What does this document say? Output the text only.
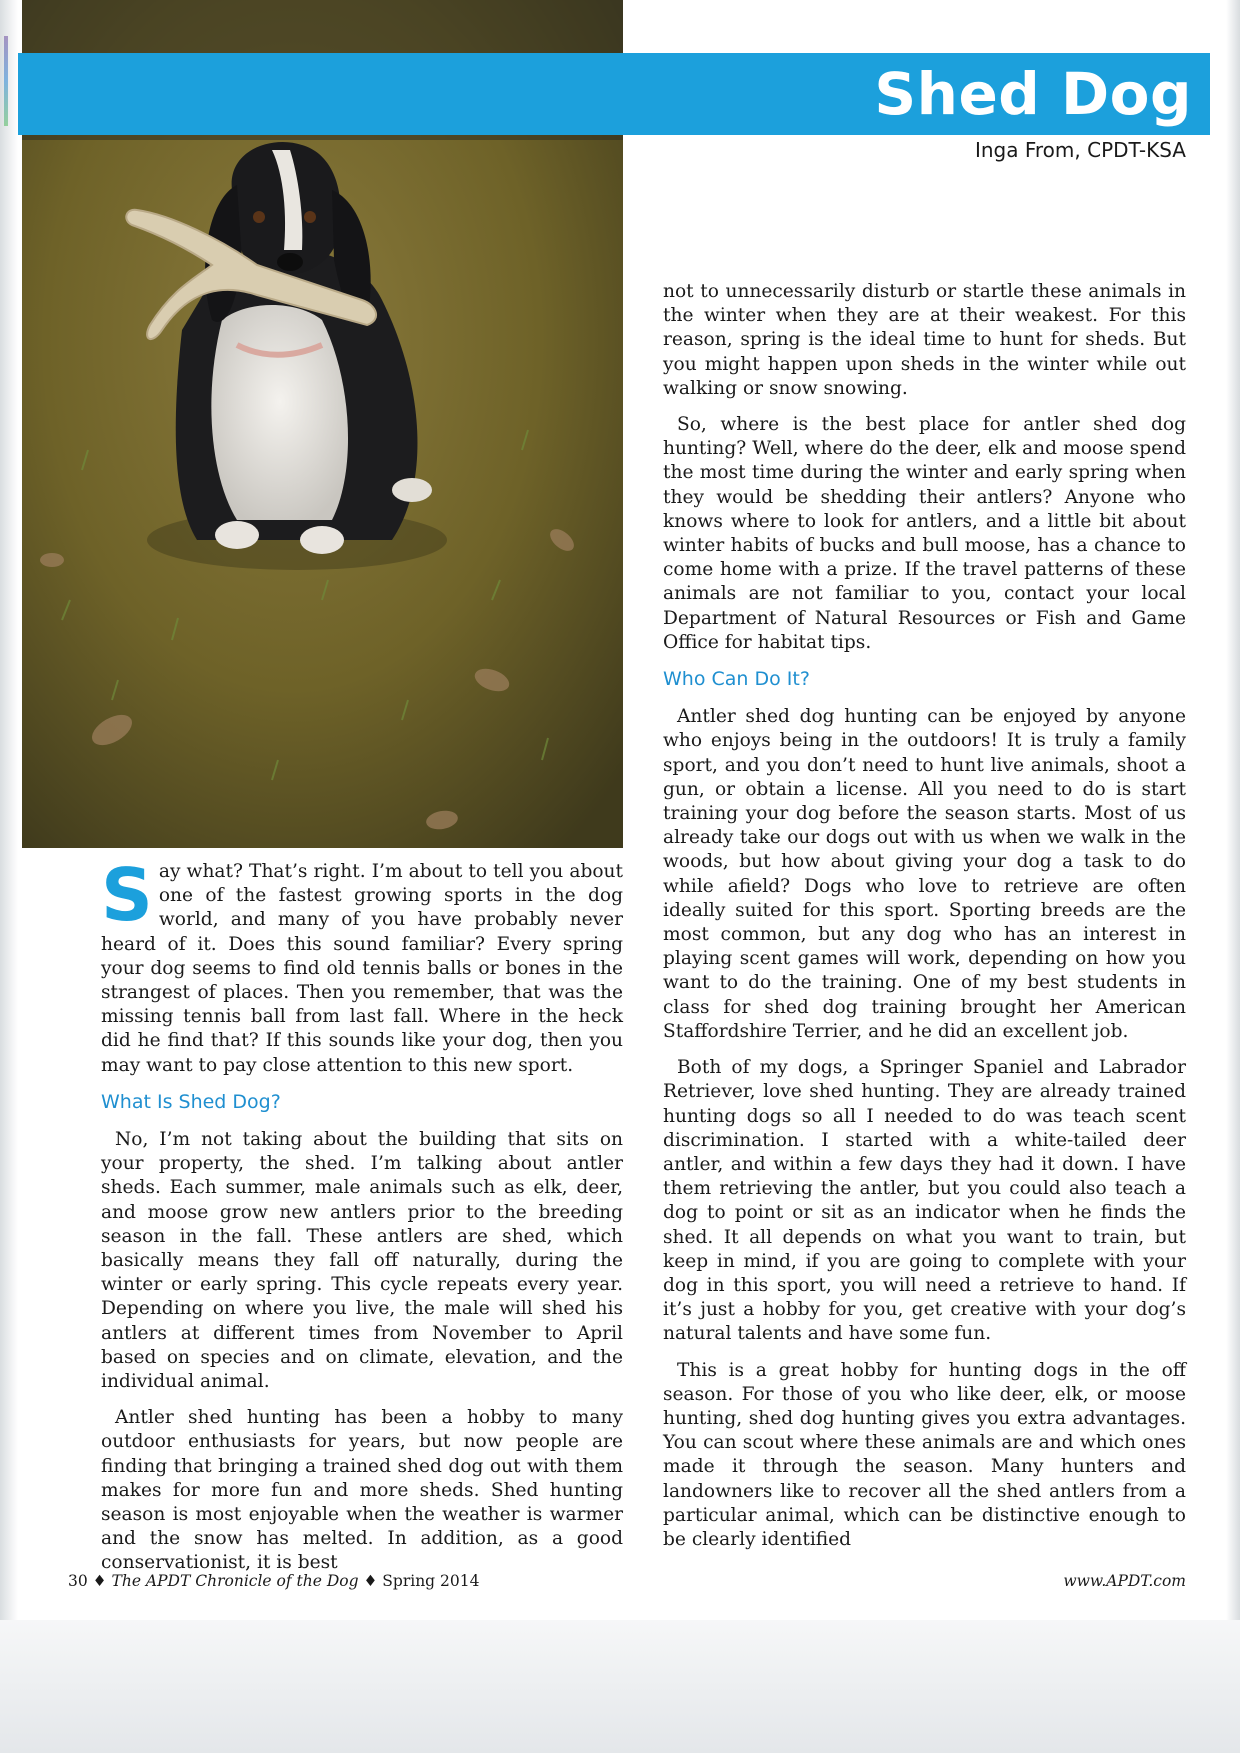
Shed Dog
Inga From, CPDT-KSA

Say what? That’s right. I’m about to tell you about one of the fastest growing sports in the dog world, and many of you have probably never heard of it. Does this sound familiar? Every spring your dog seems to find old tennis balls or bones in the strangest of places. Then you remember, that was the missing tennis ball from last fall. Where in the heck did he find that? If this sounds like your dog, then you may want to pay close attention to this new sport.

What Is Shed Dog?

No, I’m not taking about the building that sits on your property, the shed. I’m talking about antler sheds. Each summer, male animals such as elk, deer, and moose grow new antlers prior to the breeding season in the fall. These antlers are shed, which basically means they fall off naturally, during the winter or early spring. This cycle repeats every year. Depending on where you live, the male will shed his antlers at different times from November to April based on species and on climate, elevation, and the individual animal.

Antler shed hunting has been a hobby to many outdoor enthusiasts for years, but now people are finding that bringing a trained shed dog out with them makes for more fun and more sheds. Shed hunting season is most enjoyable when the weather is warmer and the snow has melted. In addition, as a good conservationist, it is best

not to unnecessarily disturb or startle these animals in the winter when they are at their weakest. For this reason, spring is the ideal time to hunt for sheds. But you might happen upon sheds in the winter while out walking or snow snowing.

So, where is the best place for antler shed dog hunting? Well, where do the deer, elk and moose spend the most time during the winter and early spring when they would be shedding their antlers? Anyone who knows where to look for antlers, and a little bit about winter habits of bucks and bull moose, has a chance to come home with a prize. If the travel patterns of these animals are not familiar to you, contact your local Department of Natural Resources or Fish and Game Office for habitat tips.

Who Can Do It?

Antler shed dog hunting can be enjoyed by anyone who enjoys being in the outdoors! It is truly a family sport, and you don’t need to hunt live animals, shoot a gun, or obtain a license. All you need to do is start training your dog before the season starts. Most of us already take our dogs out with us when we walk in the woods, but how about giving your dog a task to do while afield? Dogs who love to retrieve are often ideally suited for this sport. Sporting breeds are the most common, but any dog who has an interest in playing scent games will work, depending on how you want to do the training. One of my best students in class for shed dog training brought her American Staffordshire Terrier, and he did an excellent job.

Both of my dogs, a Springer Spaniel and Labrador Retriever, love shed hunting. They are already trained hunting dogs so all I needed to do was teach scent discrimination. I started with a white-tailed deer antler, and within a few days they had it down. I have them retrieving the antler, but you could also teach a dog to point or sit as an indicator when he finds the shed. It all depends on what you want to train, but keep in mind, if you are going to complete with your dog in this sport, you will need a retrieve to hand. If it’s just a hobby for you, get creative with your dog’s natural talents and have some fun.

This is a great hobby for hunting dogs in the off season. For those of you who like deer, elk, or moose hunting, shed dog hunting gives you extra advantages. You can scout where these animals are and which ones made it through the season. Many hunters and landowners like to recover all the shed antlers from a particular animal, which can be distinctive enough to be clearly identified

30 ♦ The APDT Chronicle of the Dog ♦ Spring 2014	www.APDT.com
